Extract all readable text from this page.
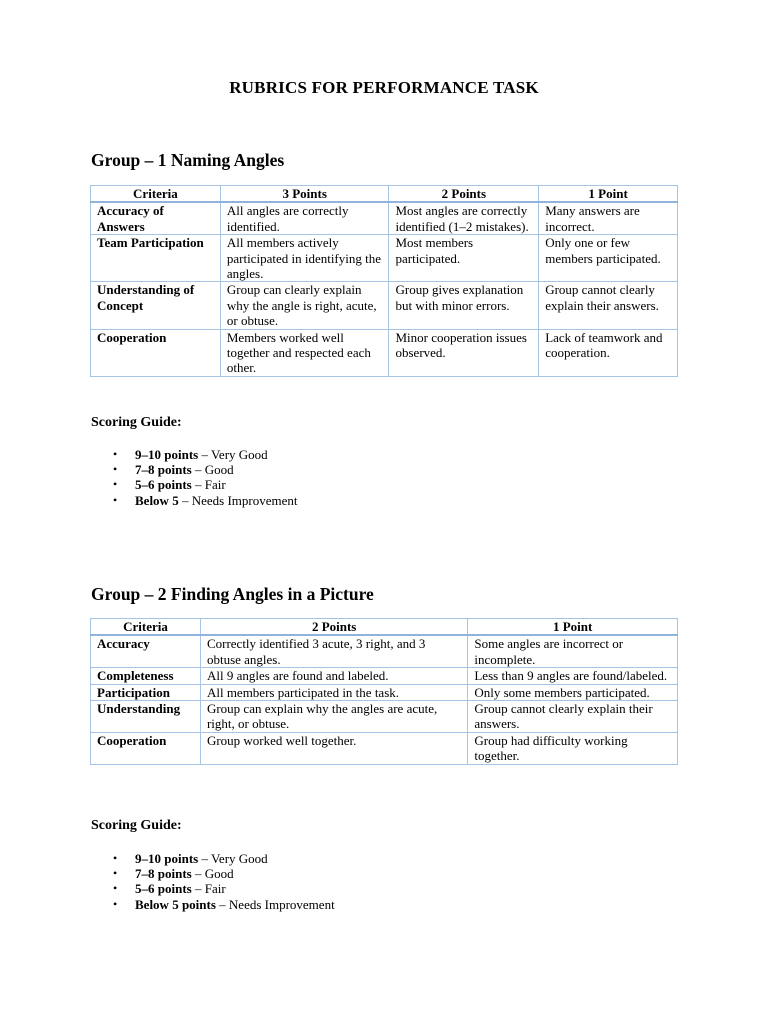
RUBRICS FOR PERFORMANCE TASK
Group – 1 Naming Angles
Criteria	3 Points	2 Points	1 Point
Accuracy of Answers	All angles are correctly identified.	Most angles are correctly identified (1–2 mistakes).	Many answers are incorrect.
Team Participation	All members actively participated in identifying the angles.	Most members participated.	Only one or few members participated.
Understanding of Concept	Group can clearly explain why the angle is right, acute, or obtuse.	Group gives explanation but with minor errors.	Group cannot clearly explain their answers.
Cooperation	Members worked well together and respected each other.	Minor cooperation issues observed.	Lack of teamwork and cooperation.
Scoring Guide:
• 9–10 points – Very Good
• 7–8 points – Good
• 5–6 points – Fair
• Below 5 – Needs Improvement
Group – 2 Finding Angles in a Picture
Criteria	2 Points	1 Point
Accuracy	Correctly identified 3 acute, 3 right, and 3 obtuse angles.	Some angles are incorrect or incomplete.
Completeness	All 9 angles are found and labeled.	Less than 9 angles are found/labeled.
Participation	All members participated in the task.	Only some members participated.
Understanding	Group can explain why the angles are acute, right, or obtuse.	Group cannot clearly explain their answers.
Cooperation	Group worked well together.	Group had difficulty working together.
Scoring Guide:
• 9–10 points – Very Good
• 7–8 points – Good
• 5–6 points – Fair
• Below 5 points – Needs Improvement
